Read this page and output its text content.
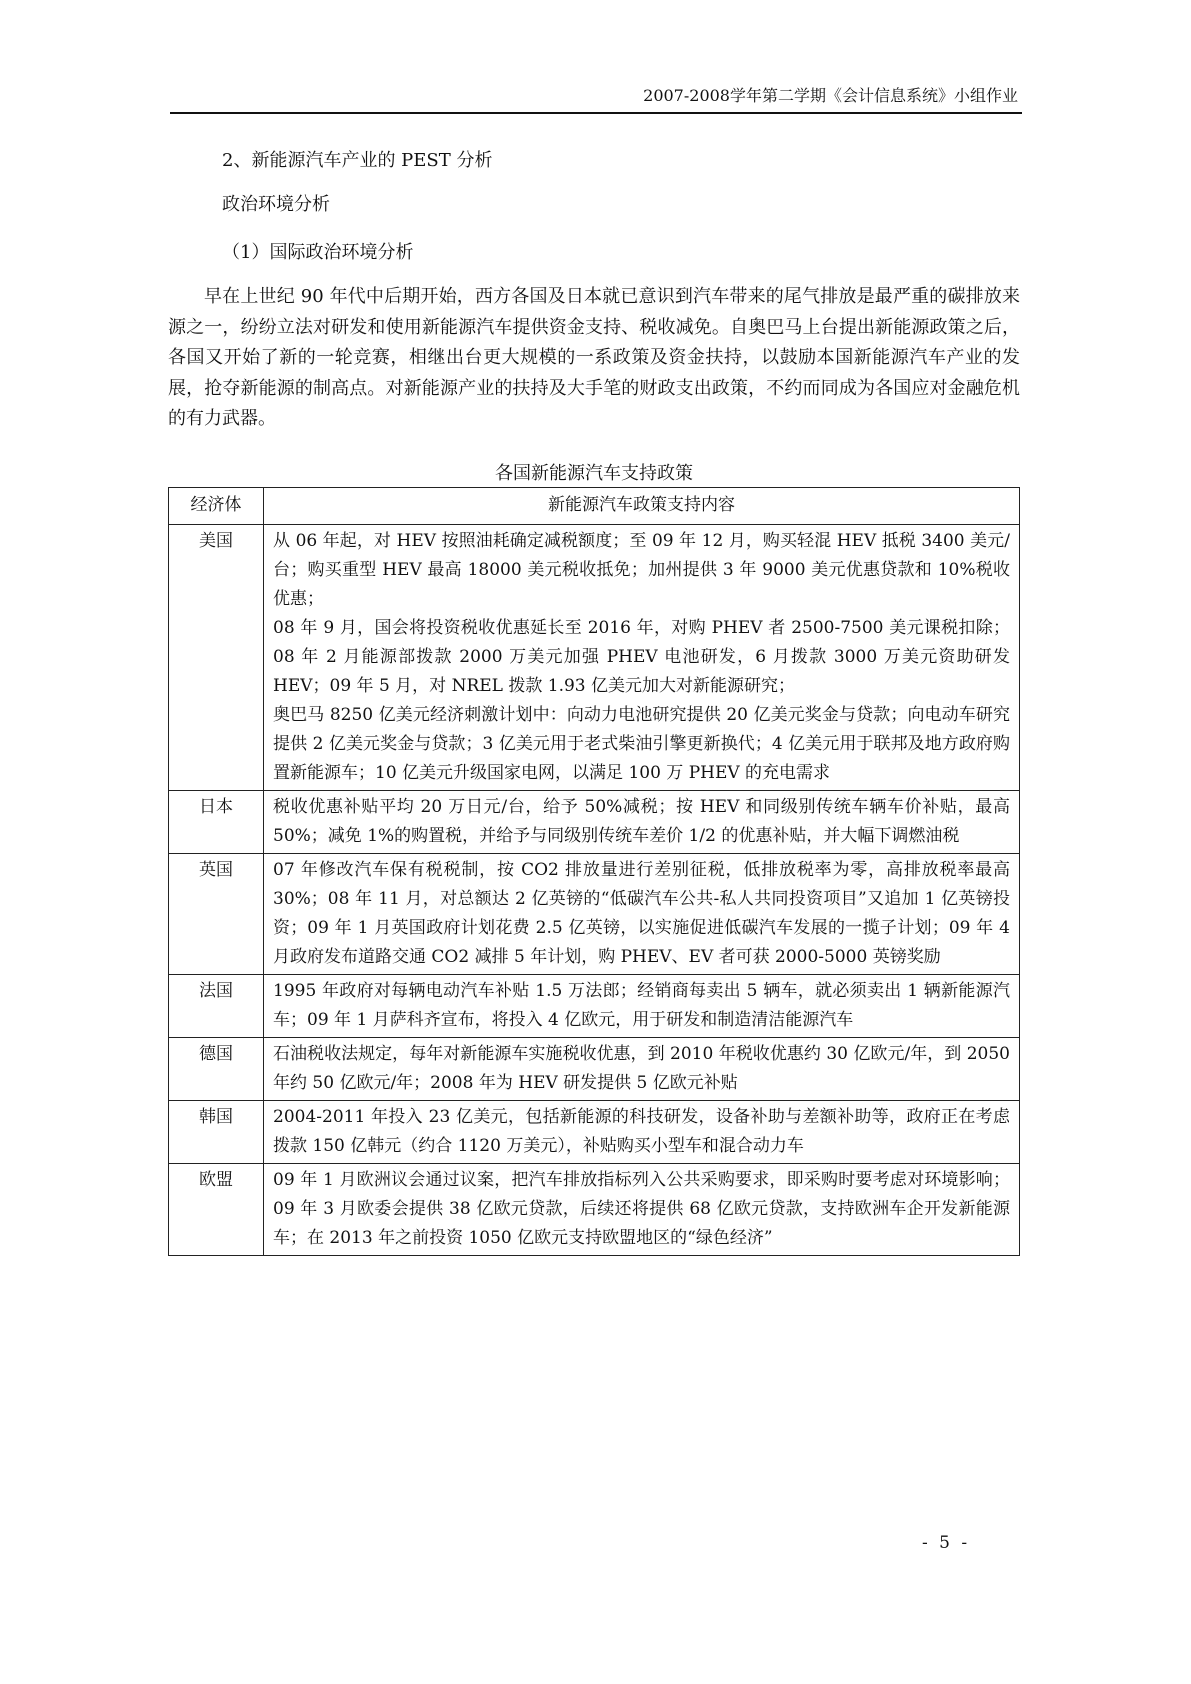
2007-2008学年第二学期《会计信息系统》小组作业
2、新能源汽车产业的 PEST 分析
政治环境分析
（1）国际政治环境分析

早在上世纪 90 年代中后期开始，西方各国及日本就已意识到汽车带来的尾气排放是最严重的碳排放来源之一，纷纷立法对研发和使用新能源汽车提供资金支持、税收减免。自奥巴马上台提出新能源政策之后，各国又开始了新的一轮竞赛，相继出台更大规模的一系政策及资金扶持，以鼓励本国新能源汽车产业的发展，抢夺新能源的制高点。对新能源产业的扶持及大手笔的财政支出政策，不约而同成为各国应对金融危机的有力武器。

各国新能源汽车支持政策
经济体	新能源汽车政策支持内容
美国	从 06 年起，对 HEV 按照油耗确定减税额度；至 09 年 12 月，购买轻混 HEV 抵税 3400 美元/台；购买重型 HEV 最高 18000 美元税收抵免；加州提供 3 年 9000 美元优惠贷款和 10%税收优惠；
08 年 9 月，国会将投资税收优惠延长至 2016 年，对购 PHEV 者 2500-7500 美元课税扣除；08 年 2 月能源部拨款 2000 万美元加强 PHEV 电池研发，6 月拨款 3000 万美元资助研发 HEV；09 年 5 月，对 NREL 拨款 1.93 亿美元加大对新能源研究；
奥巴马 8250 亿美元经济刺激计划中：向动力电池研究提供 20 亿美元奖金与贷款；向电动车研究提供 2 亿美元奖金与贷款；3 亿美元用于老式柴油引擎更新换代；4 亿美元用于联邦及地方政府购置新能源车；10 亿美元升级国家电网，以满足 100 万 PHEV 的充电需求

日本	税收优惠补贴平均 20 万日元/台，给予 50%减税；按 HEV 和同级别传统车辆车价补贴，最高 50%；减免 1%的购置税，并给予与同级别传统车差价 1/2 的优惠补贴，并大幅下调燃油税

英国	07 年修改汽车保有税税制，按 CO2 排放量进行差别征税，低排放税率为零，高排放税率最高 30%；08 年 11 月，对总额达 2 亿英镑的“低碳汽车公共-私人共同投资项目”又追加 1 亿英镑投资；09 年 1 月英国政府计划花费 2.5 亿英镑，以实施促进低碳汽车发展的一揽子计划；09 年 4 月政府发布道路交通 CO2 减排 5 年计划，购 PHEV、EV 者可获 2000-5000 英镑奖励

法国	1995 年政府对每辆电动汽车补贴 1.5 万法郎；经销商每卖出 5 辆车，就必须卖出 1 辆新能源汽车；09 年 1 月萨科齐宣布，将投入 4 亿欧元，用于研发和制造清洁能源汽车

德国	石油税收法规定，每年对新能源车实施税收优惠，到 2010 年税收优惠约 30 亿欧元/年，到 2050 年约 50 亿欧元/年；2008 年为 HEV 研发提供 5 亿欧元补贴

韩国	2004-2011 年投入 23 亿美元，包括新能源的科技研发，设备补助与差额补助等，政府正在考虑拨款 150 亿韩元（约合 1120 万美元），补贴购买小型车和混合动力车

欧盟	09 年 1 月欧洲议会通过议案，把汽车排放指标列入公共采购要求，即采购时要考虑对环境影响；09 年 3 月欧委会提供 38 亿欧元贷款，后续还将提供 68 亿欧元贷款，支持欧洲车企开发新能源车；在 2013 年之前投资 1050 亿欧元支持欧盟地区的“绿色经济”
- 5 -
